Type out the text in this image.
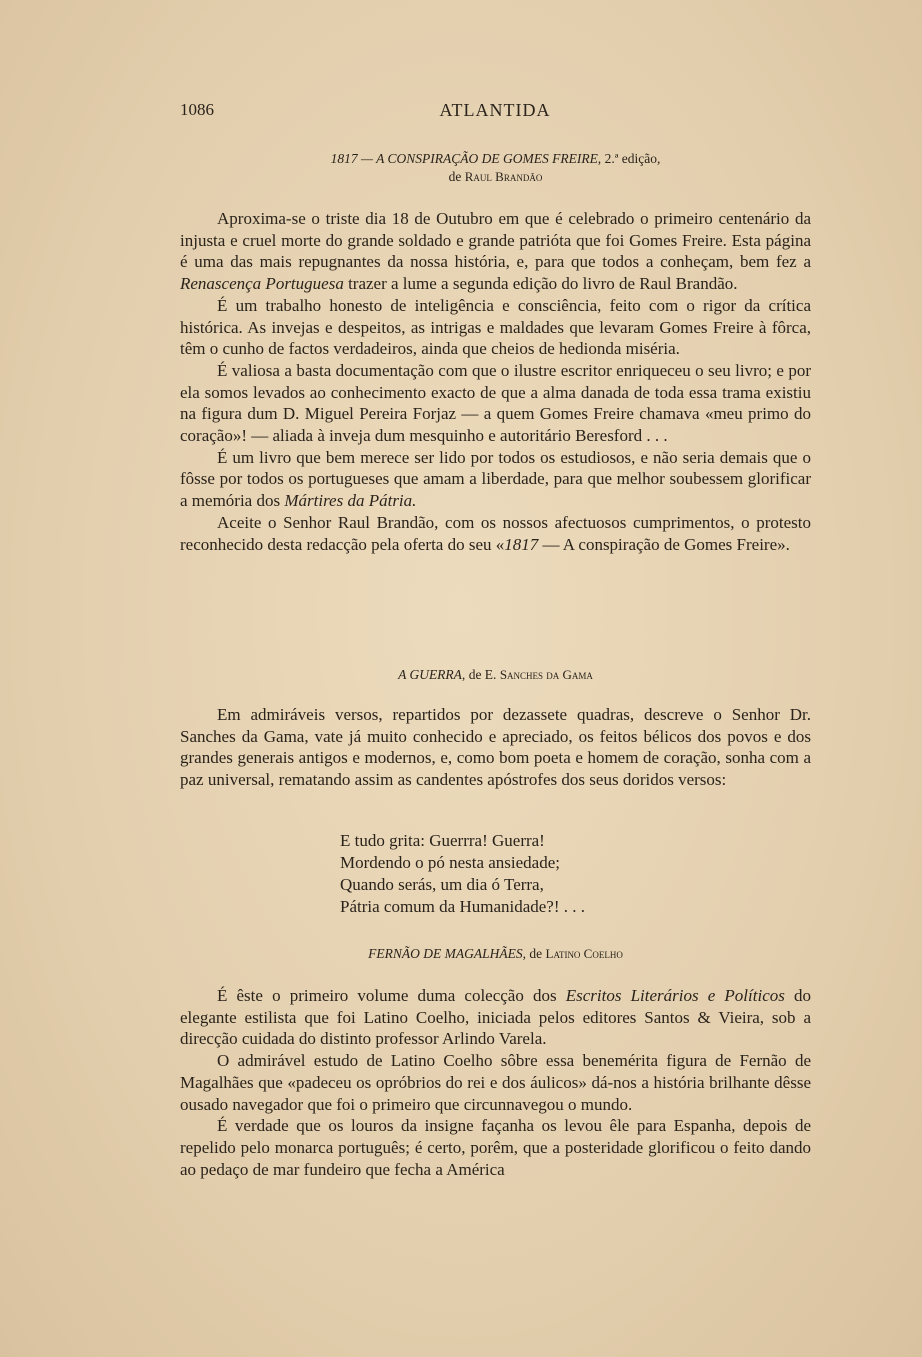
1086	ATLANTIDA
1817 — A CONSPIRAÇÃO DE GOMES FREIRE, 2.ª edição,
de Raul Brandão

Aproxima-se o triste dia 18 de Outubro em que é celebrado o primeiro centenário da injusta e cruel morte do grande soldado e grande patrióta que foi Gomes Freire. Esta página é uma das mais repugnantes da nossa história, e, para que todos a conheçam, bem fez a Renascença Portuguesa trazer a lume a segunda edição do livro de Raul Brandão.

É um trabalho honesto de inteligência e consciência, feito com o rigor da crítica histórica. As invejas e despeitos, as intrigas e maldades que levaram Gomes Freire à fôrca, têm o cunho de factos verdadeiros, ainda que cheios de hedionda miséria.

É valiosa a basta documentação com que o ilustre escritor enriqueceu o seu livro; e por ela somos levados ao conhecimento exacto de que a alma danada de toda essa trama existiu na figura dum D. Miguel Pereira Forjaz — a quem Gomes Freire chamava «meu primo do coração»! — aliada à inveja dum mesquinho e autoritário Beresford . . .

É um livro que bem merece ser lido por todos os estudiosos, e não seria demais que o fôsse por todos os portugueses que amam a liberdade, para que melhor soubessem glorificar a memória dos Mártires da Pátria.

Aceite o Senhor Raul Brandão, com os nossos afectuosos cumprimentos, o protesto reconhecido desta redacção pela oferta do seu «1817 — A conspiração de Gomes Freire».

A GUERRA, de E. Sanches da Gama

Em admiráveis versos, repartidos por dezassete quadras, descreve o Senhor Dr. Sanches da Gama, vate já muito conhecido e apreciado, os feitos bélicos dos povos e dos grandes generais antigos e modernos, e, como bom poeta e homem de coração, sonha com a paz universal, rematando assim as candentes apóstrofes dos seus doridos versos:

E tudo grita: Guerrra! Guerra!
Mordendo o pó nesta ansiedade;
Quando serás, um dia ó Terra,
Pátria comum da Humanidade?! . . .
FERNÃO DE MAGALHÃES, de Latino Coelho

É êste o primeiro volume duma colecção dos Escritos Literários e Políticos do elegante estilista que foi Latino Coelho, iniciada pelos editores Santos & Vieira, sob a direcção cuidada do distinto professor Arlindo Varela.

O admirável estudo de Latino Coelho sôbre essa benemérita figura de Fernão de Magalhães que «padeceu os opróbrios do rei e dos áulicos» dá-nos a história brilhante dêsse ousado navegador que foi o primeiro que circunnavegou o mundo.

É verdade que os louros da insigne façanha os levou êle para Espanha, depois de repelido pelo monarca português; é certo, porêm, que a posteridade glorificou o feito dando ao pedaço de mar fundeiro que fecha a América
